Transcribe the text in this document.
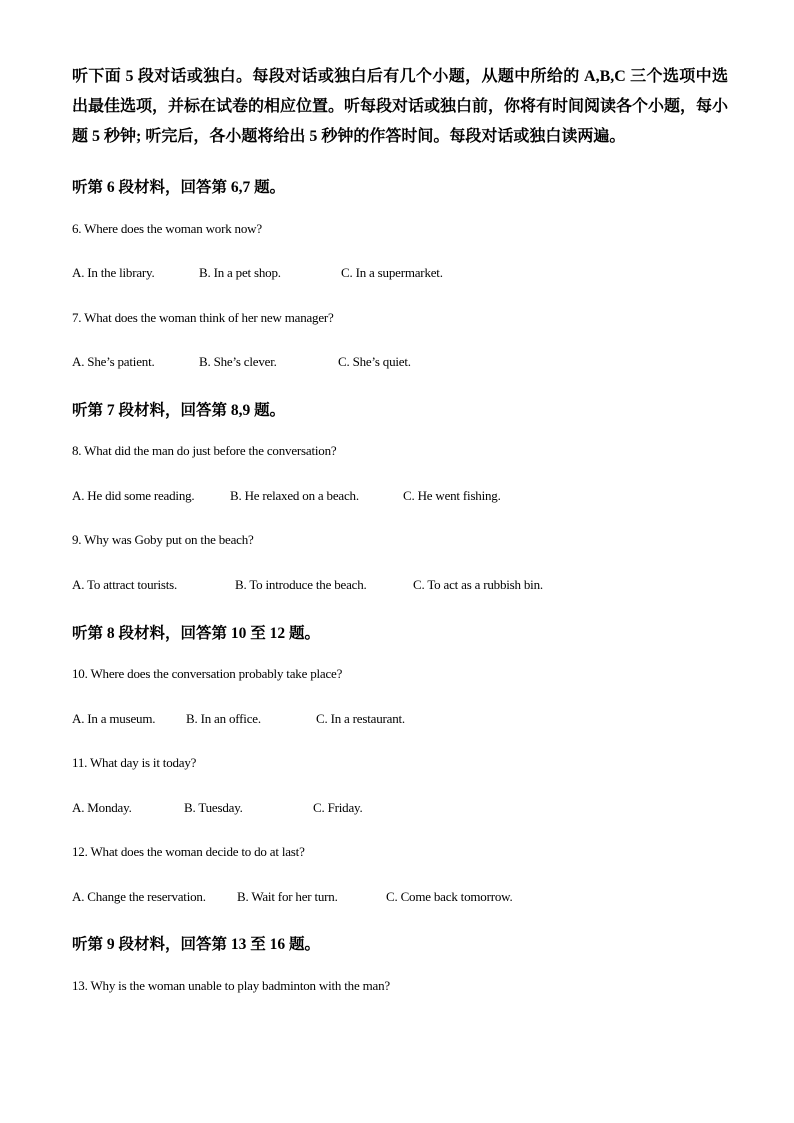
听下面 5 段对话或独白。每段对话或独白后有几个小题，从题中所给的 A,B,C 三个选项中选出最佳选项，并标在试卷的相应位置。听每段对话或独白前，你将有时间阅读各个小题，每小题 5 秒钟; 听完后，各小题将给出 5 秒钟的作答时间。每段对话或独白读两遍。

听第 6 段材料，回答第 6,7 题。
6. Where does the woman work now?
A. In the library.	B. In a pet shop.	C. In a supermarket.
7. What does the woman think of her new manager?
A. She’s patient.	B. She’s clever.	C. She’s quiet.
听第 7 段材料，回答第 8,9 题。
8. What did the man do just before the conversation?
A. He did some reading.	B. He relaxed on a beach.	C. He went fishing.
9. Why was Goby put on the beach?
A. To attract tourists.	B. To introduce the beach.	C. To act as a rubbish bin.
听第 8 段材料，回答第 10 至 12 题。
10. Where does the conversation probably take place?
A. In a museum. B. In an office.	C. In a restaurant.
11. What day is it today?
A. Monday.	B. Tuesday.	C. Friday.
12. What does the woman decide to do at last?
A. Change the reservation. B. Wait for her turn.	C. Come back tomorrow.
听第 9 段材料，回答第 13 至 16 题。
13. Why is the woman unable to play badminton with the man?
